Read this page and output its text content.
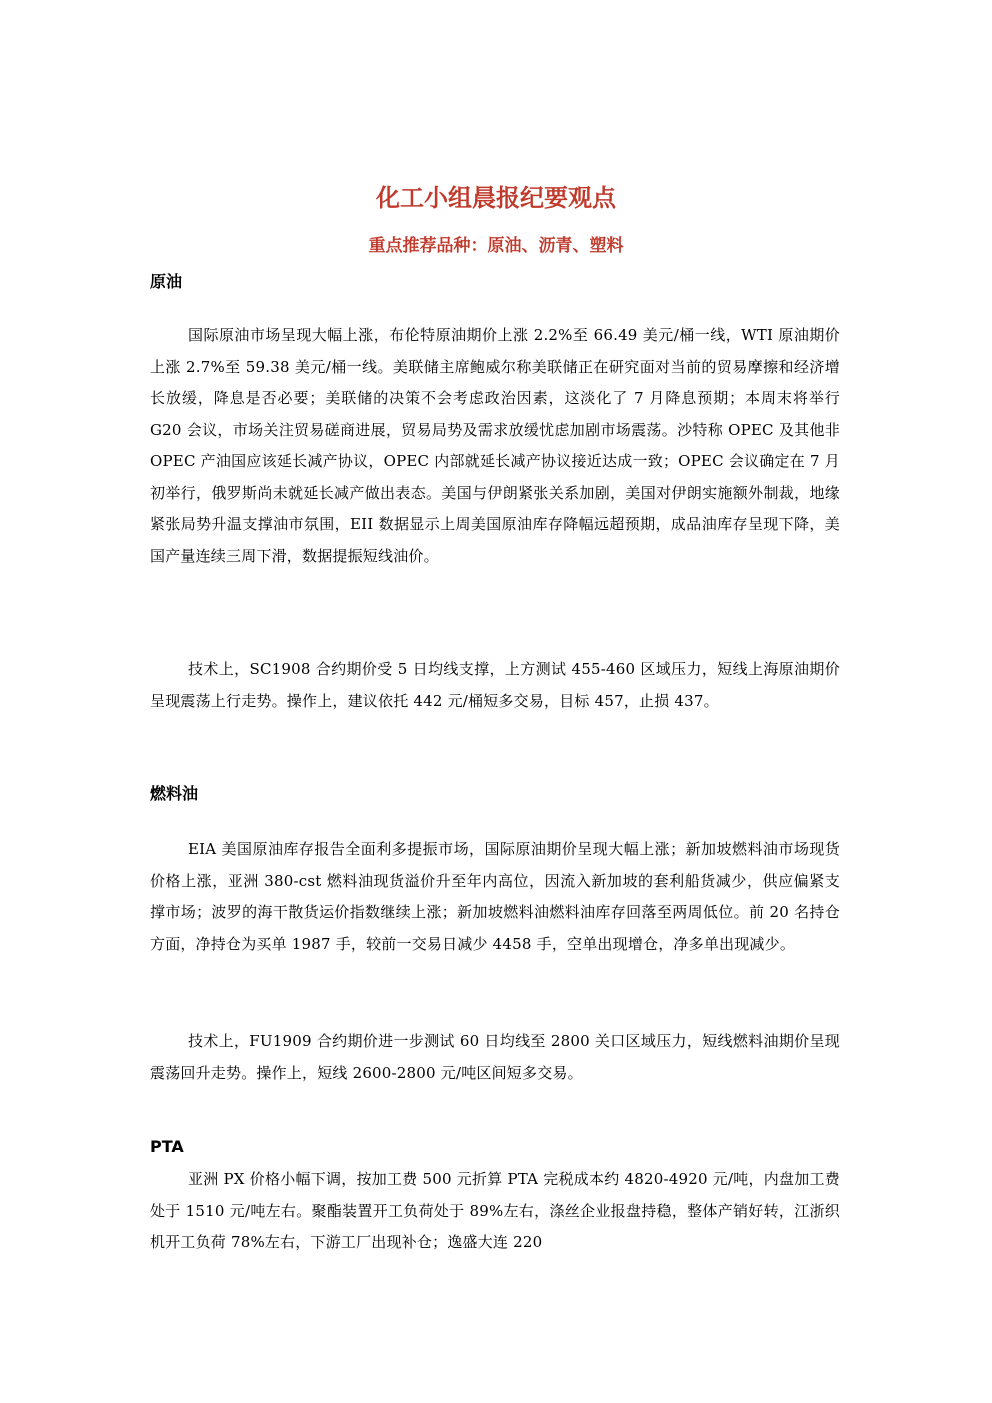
化工小组晨报纪要观点
重点推荐品种：原油、沥青、塑料
原油

国际原油市场呈现大幅上涨，布伦特原油期价上涨 2.2%至 66.49 美元/桶一线，WTI 原油期价上涨 2.7%至 59.38 美元/桶一线。美联储主席鲍威尔称美联储正在研究面对当前的贸易摩擦和经济增长放缓，降息是否必要；美联储的决策不会考虑政治因素，这淡化了 7 月降息预期；本周末将举行 G20 会议，市场关注贸易磋商进展，贸易局势及需求放缓忧虑加剧市场震荡。沙特称 OPEC 及其他非 OPEC 产油国应该延长减产协议，OPEC 内部就延长减产协议接近达成一致；OPEC 会议确定在 7 月初举行，俄罗斯尚未就延长减产做出表态。美国与伊朗紧张关系加剧，美国对伊朗实施额外制裁，地缘紧张局势升温支撑油市氛围，EII 数据显示上周美国原油库存降幅远超预期，成品油库存呈现下降，美国产量连续三周下滑，数据提振短线油价。

技术上，SC1908 合约期价受 5 日均线支撑，上方测试 455-460 区域压力，短线上海原油期价呈现震荡上行走势。操作上，建议依托 442 元/桶短多交易，目标 457，止损 437。

燃料油

EIA 美国原油库存报告全面利多提振市场，国际原油期价呈现大幅上涨；新加坡燃料油市场现货价格上涨，亚洲 380-cst 燃料油现货溢价升至年内高位，因流入新加坡的套利船货减少，供应偏紧支撑市场；波罗的海干散货运价指数继续上涨；新加坡燃料油燃料油库存回落至两周低位。前 20 名持仓方面，净持仓为买单 1987 手，较前一交易日减少 4458 手，空单出现增仓，净多单出现减少。

技术上，FU1909 合约期价进一步测试 60 日均线至 2800 关口区域压力，短线燃料油期价呈现震荡回升走势。操作上，短线 2600-2800 元/吨区间短多交易。

PTA

亚洲 PX 价格小幅下调，按加工费 500 元折算 PTA 完税成本约 4820-4920 元/吨，内盘加工费处于 1510 元/吨左右。聚酯装置开工负荷处于 89%左右，涤丝企业报盘持稳，整体产销好转，江浙织机开工负荷 78%左右，下游工厂出现补仓；逸盛大连 220
